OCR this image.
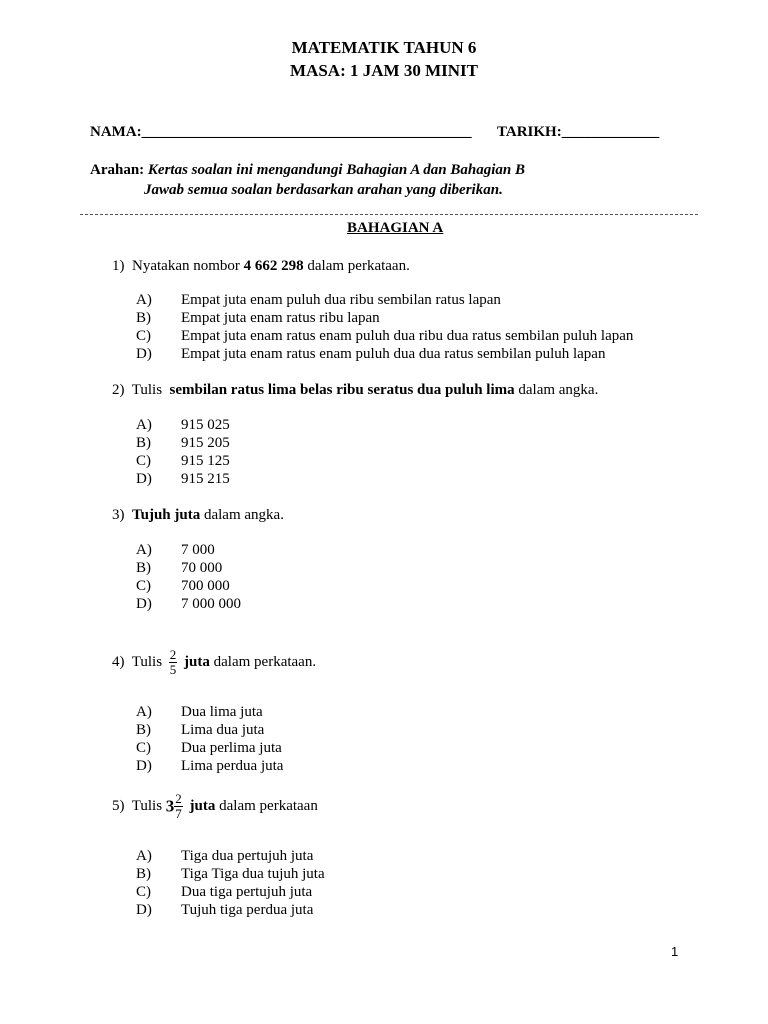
MATEMATIK TAHUN 6
MASA: 1 JAM 30 MINIT
NAMA:____________________________________________ TARIKH:_____________
Arahan: Kertas soalan ini mengandungi Bahagian A dan Bahagian B
Jawab semua soalan berdasarkan arahan yang diberikan.
BAHAGIAN A
1) Nyatakan nombor 4 662 298 dalam perkataan.
A) Empat juta enam puluh dua ribu sembilan ratus lapan
B) Empat juta enam ratus ribu lapan
C) Empat juta enam ratus enam puluh dua ribu dua ratus sembilan puluh lapan
D) Empat juta enam ratus enam puluh dua dua ratus sembilan puluh lapan
2) Tulis sembilan ratus lima belas ribu seratus dua puluh lima dalam angka.
A) 915 025
B) 915 205
C) 915 125
D) 915 215
3) Tujuh juta dalam angka.
A) 7 000
B) 70 000
C) 700 000
D) 7 000 000
4) Tulis $\frac{2}{5}$ juta dalam perkataan.
A) Dua lima juta
B) Lima dua juta
C) Dua perlima juta
D) Lima perdua juta
5) Tulis $3 \frac{2}{7}$ juta dalam perkataan
A) Tiga dua pertujuh juta
B) Tiga Tiga dua tujuh juta
C) Dua tiga pertujuh juta
D) Tujuh tiga perdua juta
1
